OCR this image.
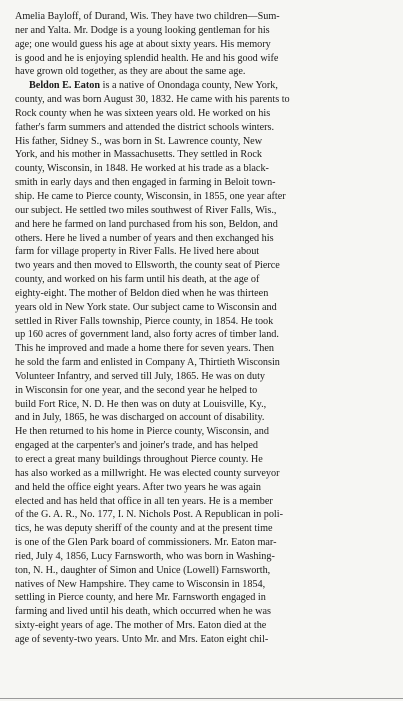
Amelia Bayloff, of Durand, Wis. They have two children—Sum-
ner and Yalta. Mr. Dodge is a young looking gentleman for his
age; one would guess his age at about sixty years. His memory
is good and he is enjoying splendid health. He and his good wife
have grown old together, as they are about the same age.
Beldon E. Eaton is a native of Onondaga county, New York,
county, and was born August 30, 1832. He came with his parents to
Rock county when he was sixteen years old. He worked on his
father's farm summers and attended the district schools winters.
His father, Sidney S., was born in St. Lawrence county, New
York, and his mother in Massachusetts. They settled in Rock
county, Wisconsin, in 1848. He worked at his trade as a black-
smith in early days and then engaged in farming in Beloit town-
ship. He came to Pierce county, Wisconsin, in 1855, one year after
our subject. He settled two miles southwest of River Falls, Wis.,
and here he farmed on land purchased from his son, Beldon, and
others. Here he lived a number of years and then exchanged his
farm for village property in River Falls. He lived here about
two years and then moved to Ellsworth, the county seat of Pierce
county, and worked on his farm until his death, at the age of
eighty-eight. The mother of Beldon died when he was thirteen
years old in New York state. Our subject came to Wisconsin and
settled in River Falls township, Pierce county, in 1854. He took
up 160 acres of government land, also forty acres of timber land.
This he improved and made a home there for seven years. Then
he sold the farm and enlisted in Company A, Thirtieth Wisconsin
Volunteer Infantry, and served till July, 1865. He was on duty
in Wisconsin for one year, and the second year he helped to
build Fort Rice, N. D. He then was on duty at Louisville, Ky.,
and in July, 1865, he was discharged on account of disability.
He then returned to his home in Pierce county, Wisconsin, and
engaged at the carpenter's and joiner's trade, and has helped
to erect a great many buildings throughout Pierce county. He
has also worked as a millwright. He was elected county surveyor
and held the office eight years. After two years he was again
elected and has held that office in all ten years. He is a member
of the G. A. R., No. 177, I. N. Nichols Post. A Republican in poli-
tics, he was deputy sheriff of the county and at the present time
is one of the Glen Park board of commissioners. Mr. Eaton mar-
ried, July 4, 1856, Lucy Farnsworth, who was born in Washing-
ton, N. H., daughter of Simon and Unice (Lowell) Farnsworth,
natives of New Hampshire. They came to Wisconsin in 1854,
settling in Pierce county, and here Mr. Farnsworth engaged in
farming and lived until his death, which occurred when he was
sixty-eight years of age. The mother of Mrs. Eaton died at the
age of seventy-two years. Unto Mr. and Mrs. Eaton eight chil-
